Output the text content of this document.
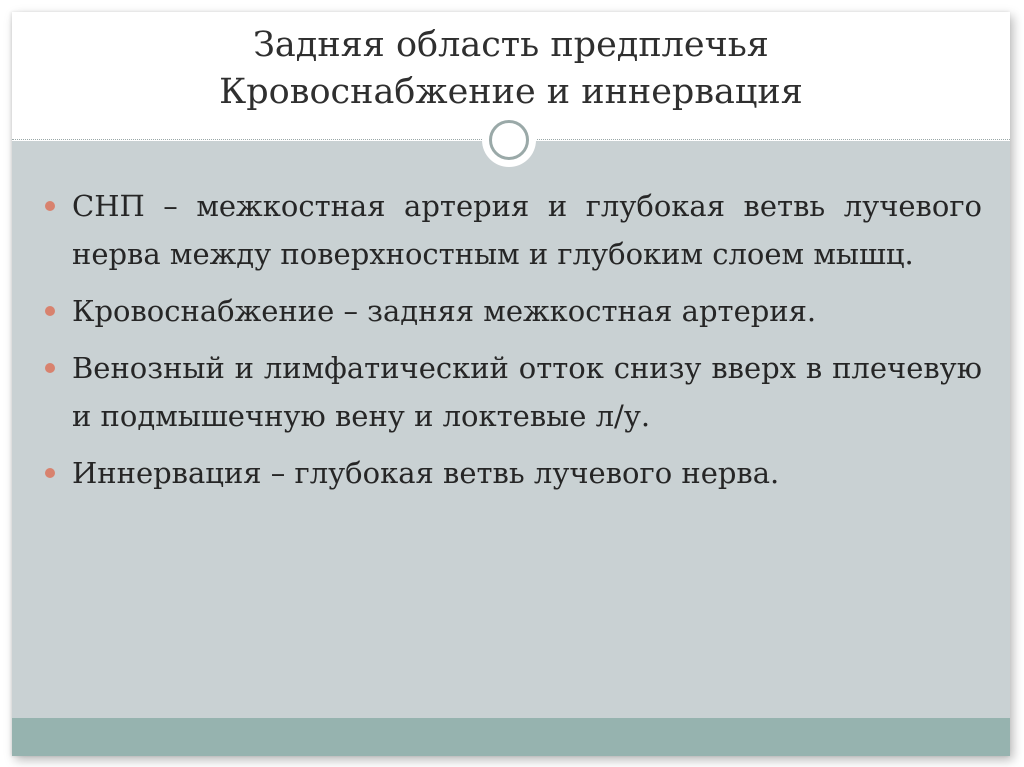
Задняя область предплечья
Кровоснабжение и иннервация
СНП – межкостная артерия и глубокая ветвь лучевого нерва между поверхностным и глубоким слоем мышц.
Кровоснабжение – задняя межкостная артерия.
Венозный и лимфатический отток снизу вверх в плечевую и подмышечную вену и локтевые л/у.
Иннервация – глубокая ветвь лучевого нерва.
